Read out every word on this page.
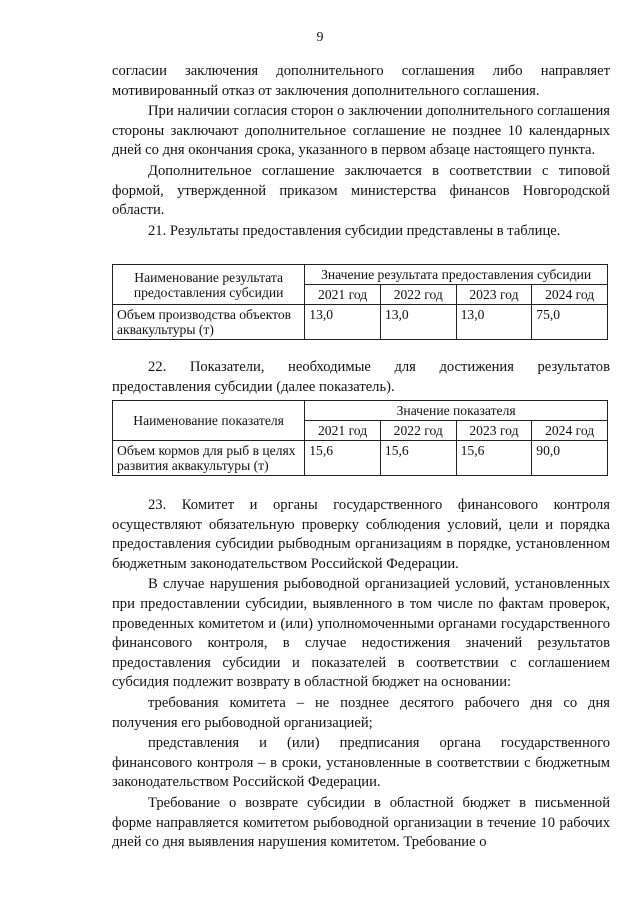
9

согласии заключения дополнительного соглашения либо направляет мотивированный отказ от заключения дополнительного соглашения.

При наличии согласия сторон о заключении дополнительного соглашения стороны заключают дополнительное соглашение не позднее 10 календарных дней со дня окончания срока, указанного в первом абзаце настоящего пункта.

Дополнительное соглашение заключается в соответствии с типовой формой, утвержденной приказом министерства финансов Новгородской области.

21. Результаты предоставления субсидии представлены в таблице.

Наименование результата предоставления субсидии	Значение результата предоставления субсидии			
	2021 год	2022 год	2023 год	2024 год
Объем производства объектов аквакультуры (т)	13,0	13,0	13,0	75,0

22. Показатели, необходимые для достижения результатов предоставления субсидии (далее показатель).

Наименование показателя	Значение показателя			
	2021 год	2022 год	2023 год	2024 год
Объем кормов для рыб в целях развития аквакультуры (т)	15,6	15,6	15,6	90,0

23. Комитет и органы государственного финансового контроля осуществляют обязательную проверку соблюдения условий, цели и порядка предоставления субсидии рыбводным организациям в порядке, установленном бюджетным законодательством Российской Федерации.

В случае нарушения рыбоводной организацией условий, установленных при предоставлении субсидии, выявленного в том числе по фактам проверок, проведенных комитетом и (или) уполномоченными органами государственного финансового контроля, в случае недостижения значений результатов предоставления субсидии и показателей в соответствии с соглашением субсидия подлежит возврату в областной бюджет на основании:

требования комитета – не позднее десятого рабочего дня со дня получения его рыбоводной организацией;

представления и (или) предписания органа государственного финансового контроля – в сроки, установленные в соответствии с бюджетным законодательством Российской Федерации.

Требование о возврате субсидии в областной бюджет в письменной форме направляется комитетом рыбоводной организации в течение 10 рабочих дней со дня выявления нарушения комитетом. Требование о
